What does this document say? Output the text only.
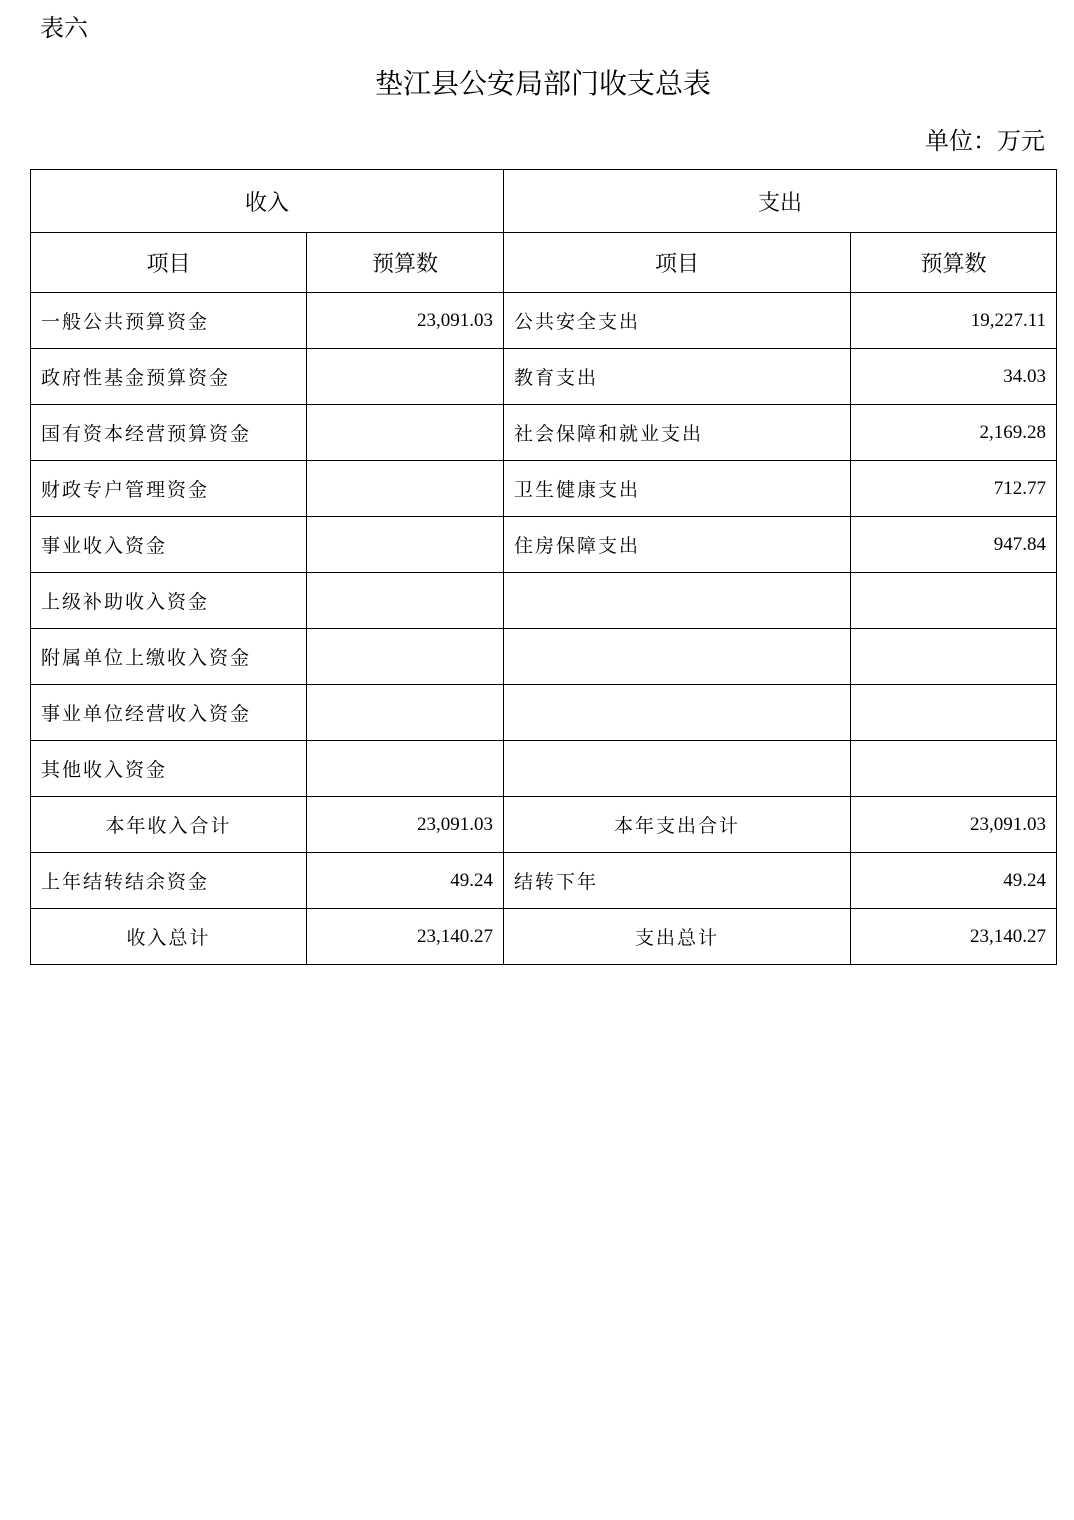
表六
垫江县公安局部门收支总表
单位：万元
收入		支出	
项目	预算数	项目	预算数
一般公共预算资金	23,091.03	公共安全支出	19,227.11
政府性基金预算资金		教育支出	34.03
国有资本经营预算资金		社会保障和就业支出	2,169.28
财政专户管理资金		卫生健康支出	712.77
事业收入资金		住房保障支出	947.84
上级补助收入资金			
附属单位上缴收入资金			
事业单位经营收入资金			
其他收入资金			
本年收入合计	23,091.03	本年支出合计	23,091.03
上年结转结余资金	49.24	结转下年	49.24
收入总计	23,140.27	支出总计	23,140.27
